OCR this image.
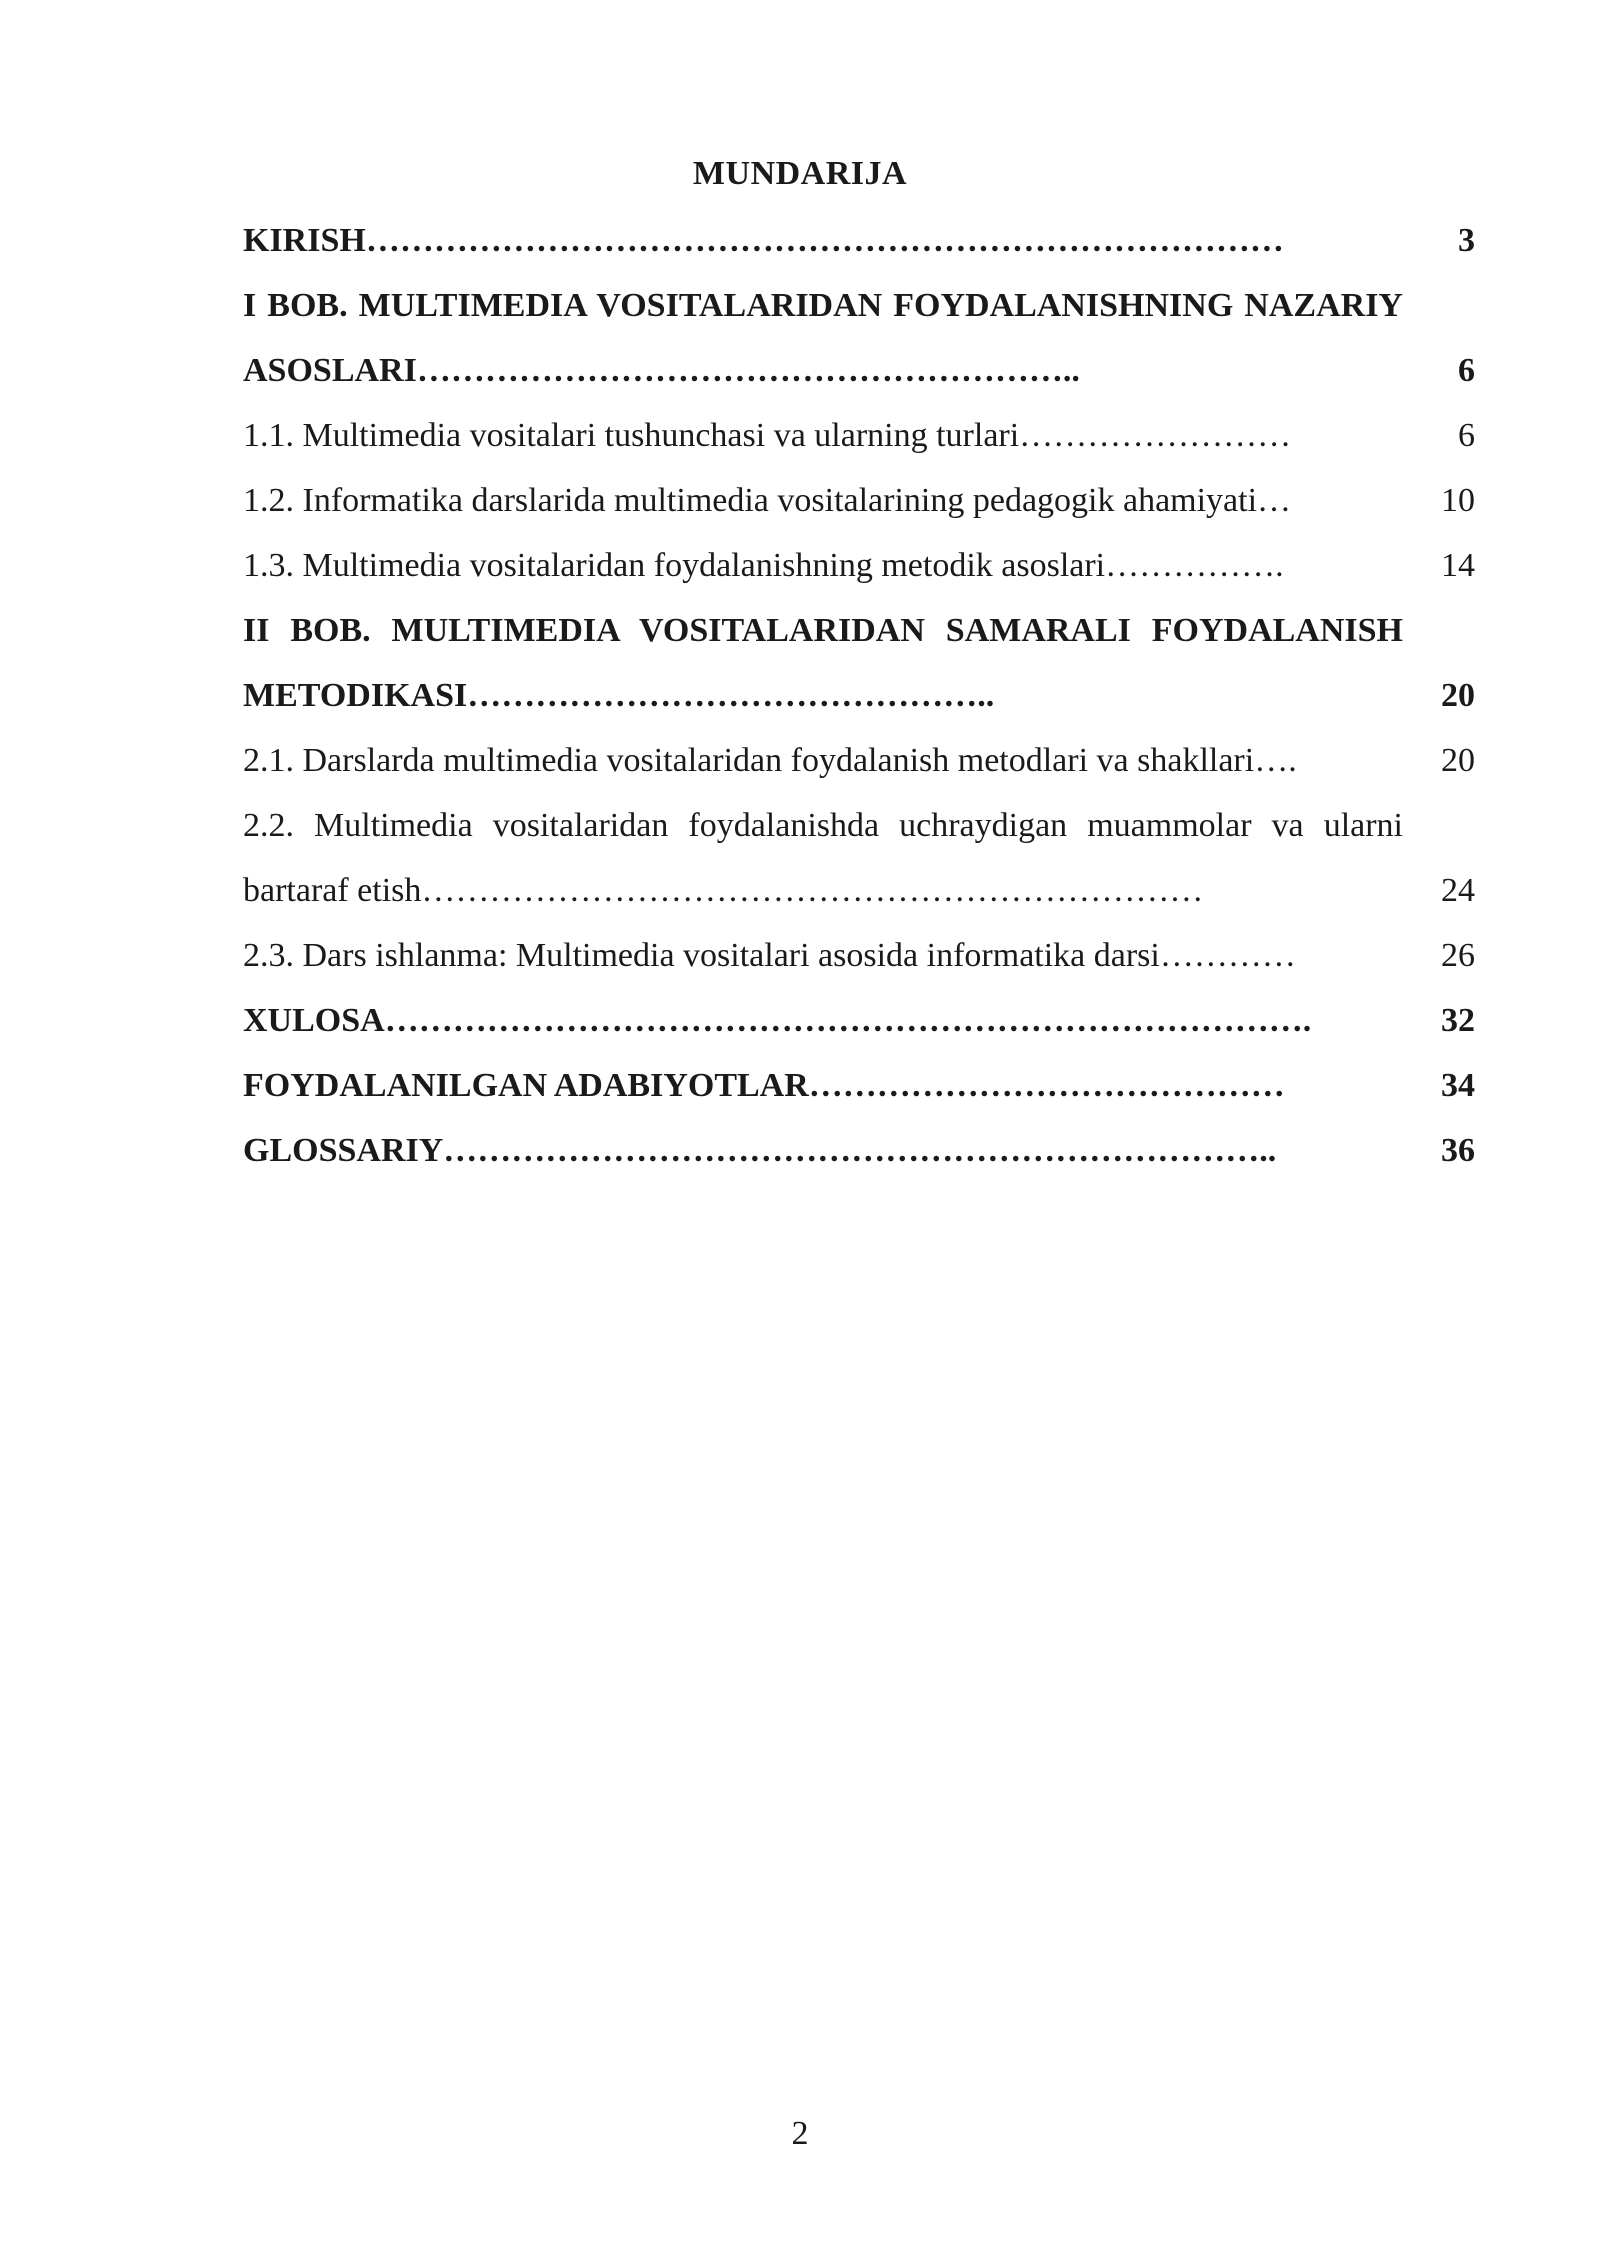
MUNDARIJA
KIRISH………………………………………………………………………	3
I BOB. MULTIMEDIA VOSITALARIDAN FOYDALANISHNING NAZARIY ASOSLARI…………………………………………………..	6
1.1. Multimedia vositalari tushunchasi va ularning turlari……………………	6
1.2. Informatika darslarida multimedia vositalarining pedagogik ahamiyati…	10
1.3. Multimedia vositalaridan foydalanishning metodik asoslari…………….	14
II BOB. MULTIMEDIA VOSITALARIDAN SAMARALI FOYDALANISH METODIKASI………………………………………..	20
2.1. Darslarda multimedia vositalaridan foydalanish metodlari va shakllari….	20
2.2. Multimedia vositalaridan foydalanishda uchraydigan muammolar va ularni bartaraf etish……………………………………………………………	24
2.3. Dars ishlanma: Multimedia vositalari asosida informatika darsi…………	26
XULOSA……………………………………………………………………….	32
FOYDALANILGAN ADABIYOTLAR……………………………………	34
GLOSSARIY………………………………………………………………..	36
2
